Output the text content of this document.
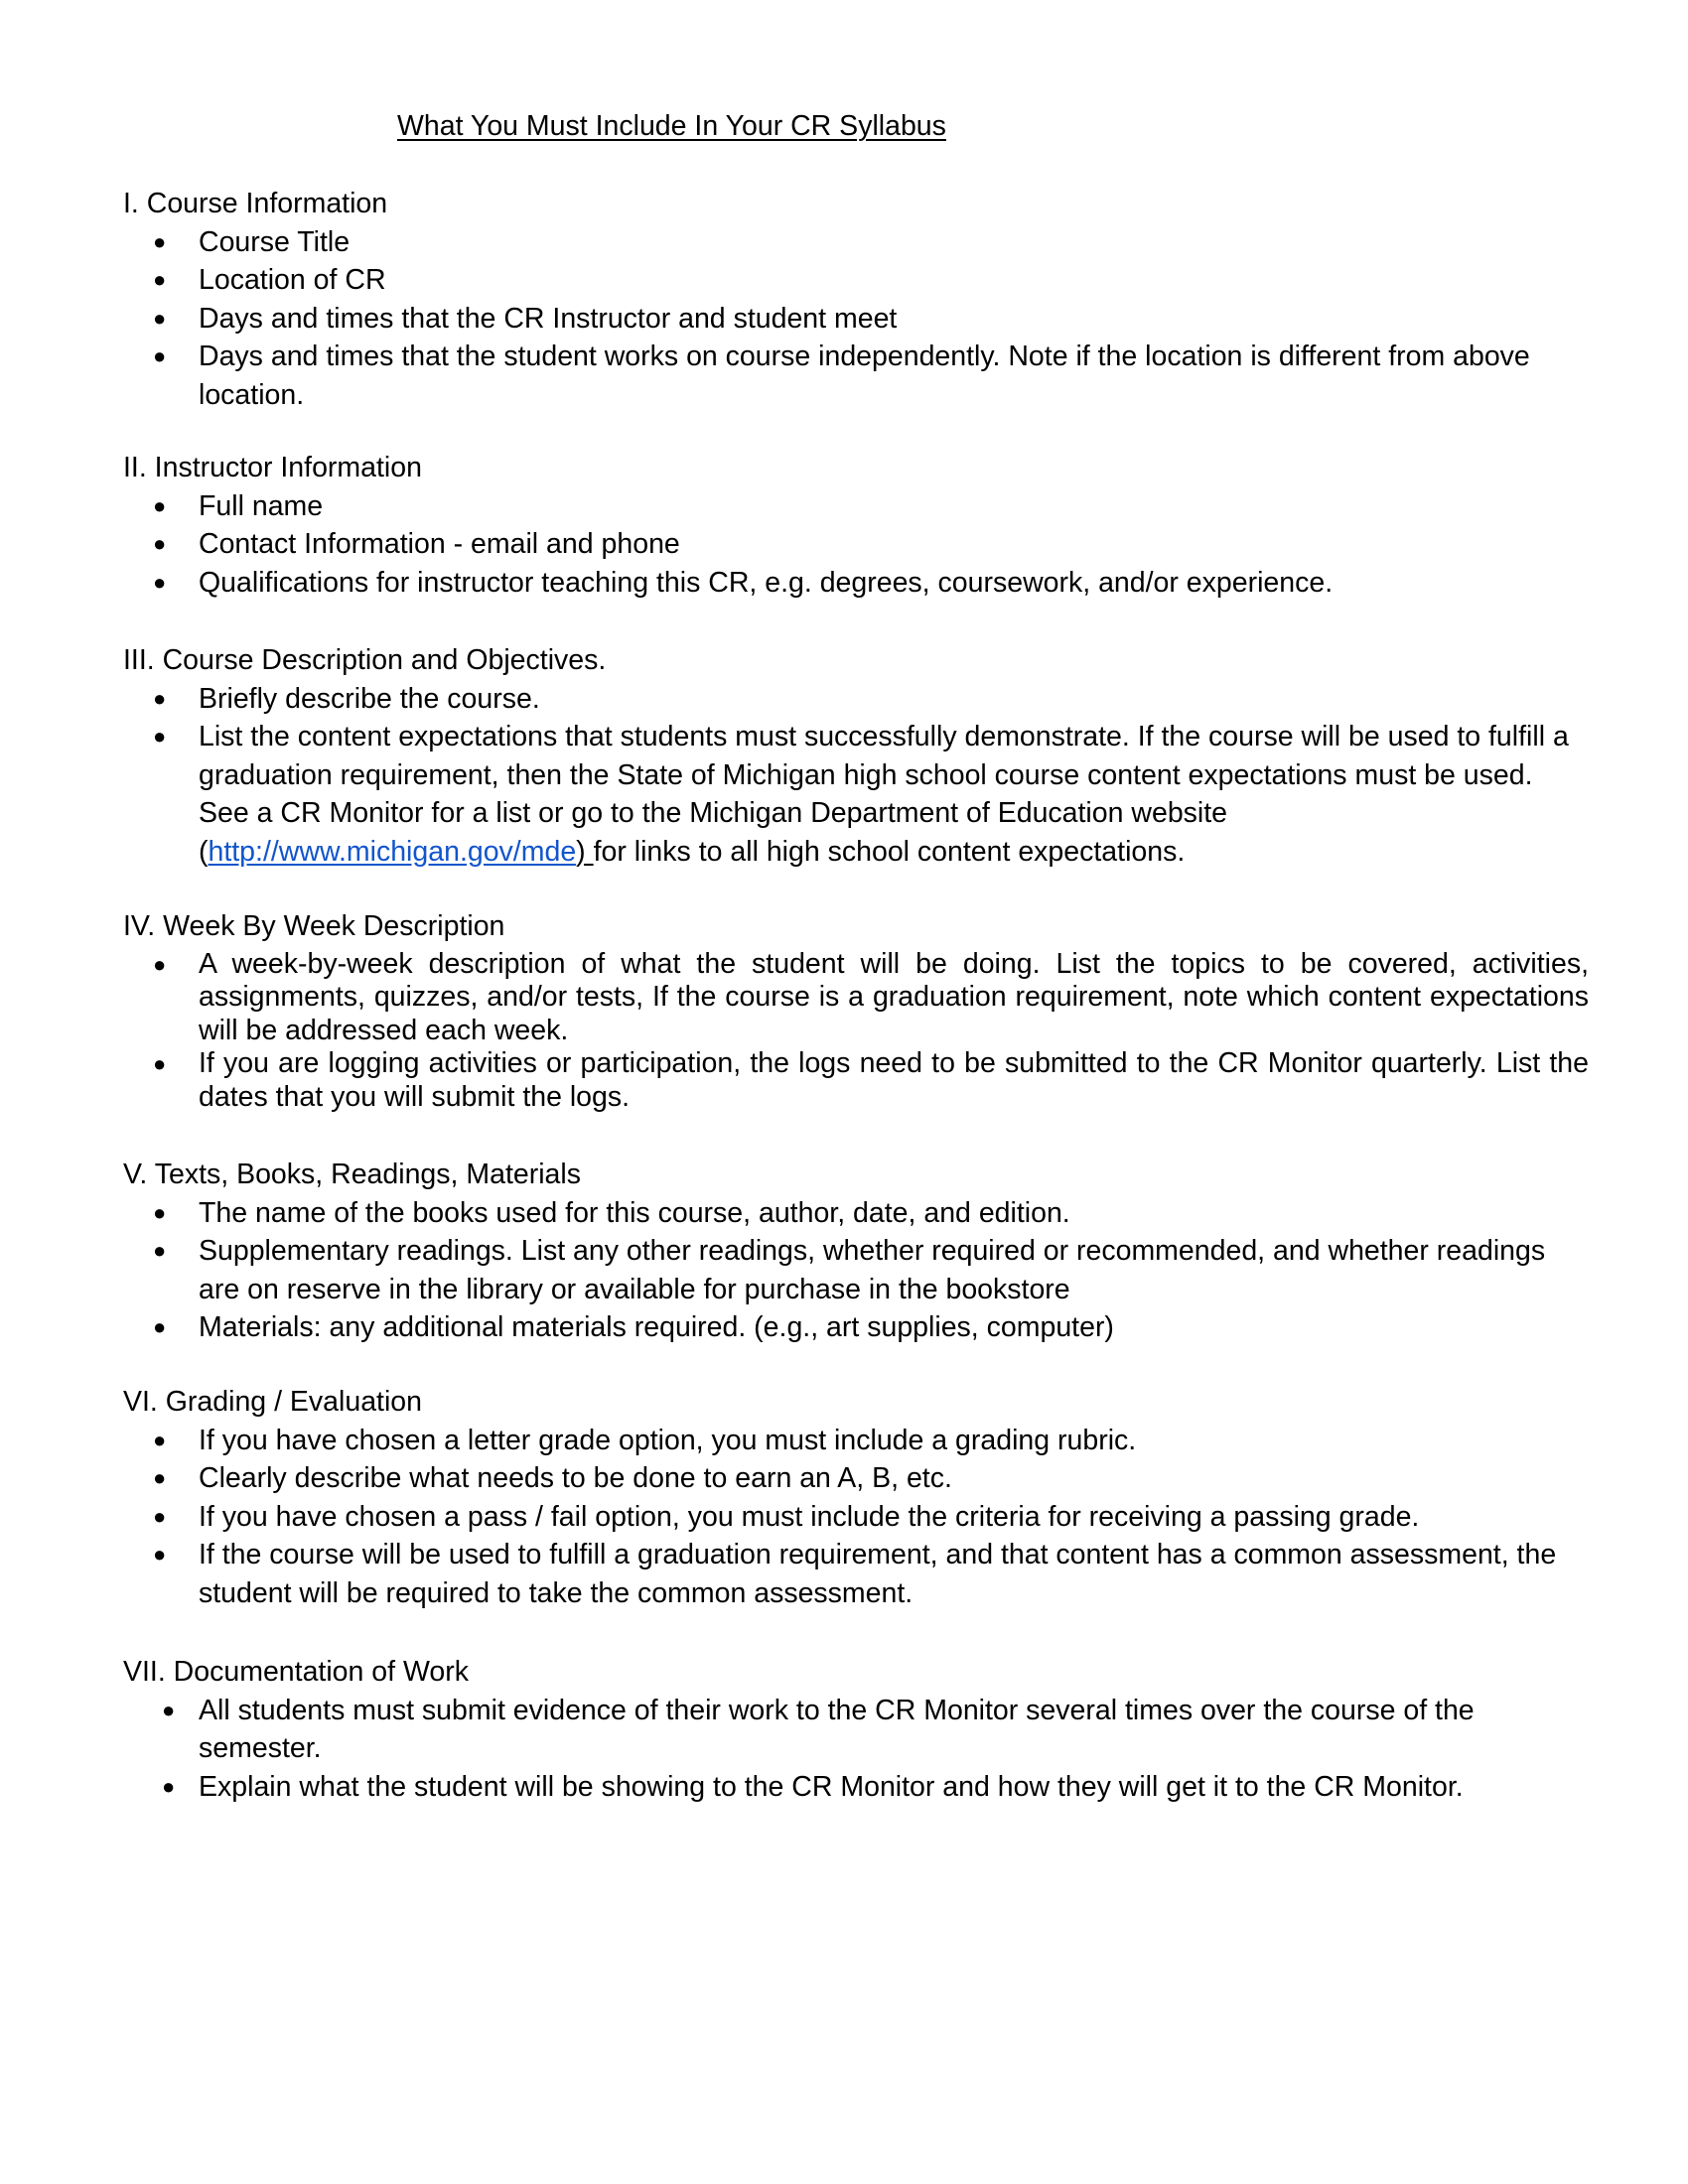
What You Must Include In Your CR Syllabus
I. Course Information
● Course Title
● Location of CR
● Days and times that the CR Instructor and student meet
● Days and times that the student works on course independently. Note if the location is different from above location.
II. Instructor Information
● Full name
● Contact Information - email and phone
● Qualifications for instructor teaching this CR, e.g. degrees, coursework, and/or experience.
III. Course Description and Objectives.
● Briefly describe the course.
● List the content expectations that students must successfully demonstrate. If the course will be used to fulfill a graduation requirement, then the State of Michigan high school course content expectations must be used. See a CR Monitor for a list or go to the Michigan Department of Education website
(http://www.michigan.gov/mde) for links to all high school content expectations.
IV. Week By Week Description
● A week-by-week description of what the student will be doing. List the topics to be covered, activities, assignments, quizzes, and/or tests, If the course is a graduation requirement, note which content expectations will be addressed each week.
● If you are logging activities or participation, the logs need to be submitted to the CR Monitor quarterly. List the dates that you will submit the logs.
V. Texts, Books, Readings, Materials
● The name of the books used for this course, author, date, and edition.
● Supplementary readings. List any other readings, whether required or recommended, and whether readings are on reserve in the library or available for purchase in the bookstore
● Materials: any additional materials required. (e.g., art supplies, computer)
VI. Grading / Evaluation
● If you have chosen a letter grade option, you must include a grading rubric.
● Clearly describe what needs to be done to earn an A, B, etc.
● If you have chosen a pass / fail option, you must include the criteria for receiving a passing grade.
● If the course will be used to fulfill a graduation requirement, and that content has a common assessment, the student will be required to take the common assessment.
VII. Documentation of Work
● All students must submit evidence of their work to the CR Monitor several times over the course of the semester.
● Explain what the student will be showing to the CR Monitor and how they will get it to the CR Monitor.
